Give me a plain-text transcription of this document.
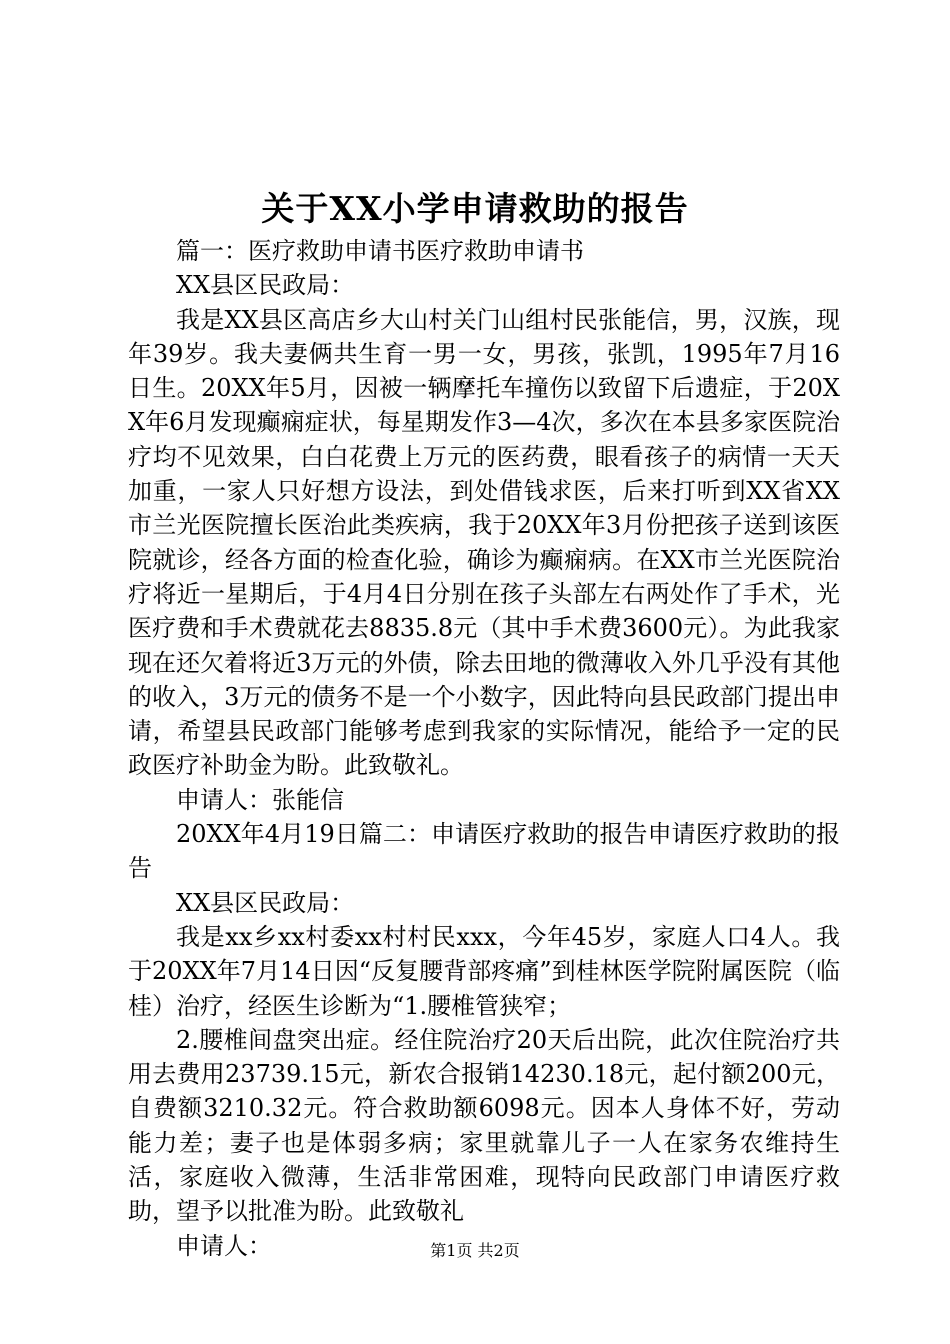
关于XX小学申请救助的报告

篇一：医疗救助申请书医疗救助申请书

XX县区民政局：

我是XX县区高店乡大山村关门山组村民张能信，男，汉族，现年39岁。我夫妻俩共生育一男一女，男孩，张凯，1995年7月16日生。20XX年5月，因被一辆摩托车撞伤以致留下后遗症，于20XX年6月发现癫痫症状，每星期发作3—4次，多次在本县多家医院治疗均不见效果，白白花费上万元的医药费，眼看孩子的病情一天天加重，一家人只好想方设法，到处借钱求医，后来打听到XX省XX市兰光医院擅长医治此类疾病，我于20XX年3月份把孩子送到该医院就诊，经各方面的检查化验，确诊为癫痫病。在XX市兰光医院治疗将近一星期后，于4月4日分别在孩子头部左右两处作了手术，光医疗费和手术费就花去8835.8元（其中手术费3600元）。为此我家现在还欠着将近3万元的外债，除去田地的微薄收入外几乎没有其他的收入，3万元的债务不是一个小数字，因此特向县民政部门提出申请，希望县民政部门能够考虑到我家的实际情况，能给予一定的民政医疗补助金为盼。此致敬礼。

申请人：张能信

20XX年4月19日篇二：申请医疗救助的报告申请医疗救助的报告

XX县区民政局：

我是xx乡xx村委xx村村民xxx，今年45岁，家庭人口4人。我于20XX年7月14日因“反复腰背部疼痛”到桂林医学院附属医院（临桂）治疗，经医生诊断为“1.腰椎管狭窄；

2.腰椎间盘突出症。经住院治疗20天后出院，此次住院治疗共用去费用23739.15元，新农合报销14230.18元，起付额200元，自费额3210.32元。符合救助额6098元。因本人身体不好，劳动能力差；妻子也是体弱多病；家里就靠儿子一人在家务农维持生活，家庭收入微薄，生活非常困难，现特向民政部门申请医疗救助，望予以批准为盼。此致敬礼

申请人：	第1页 共2页
